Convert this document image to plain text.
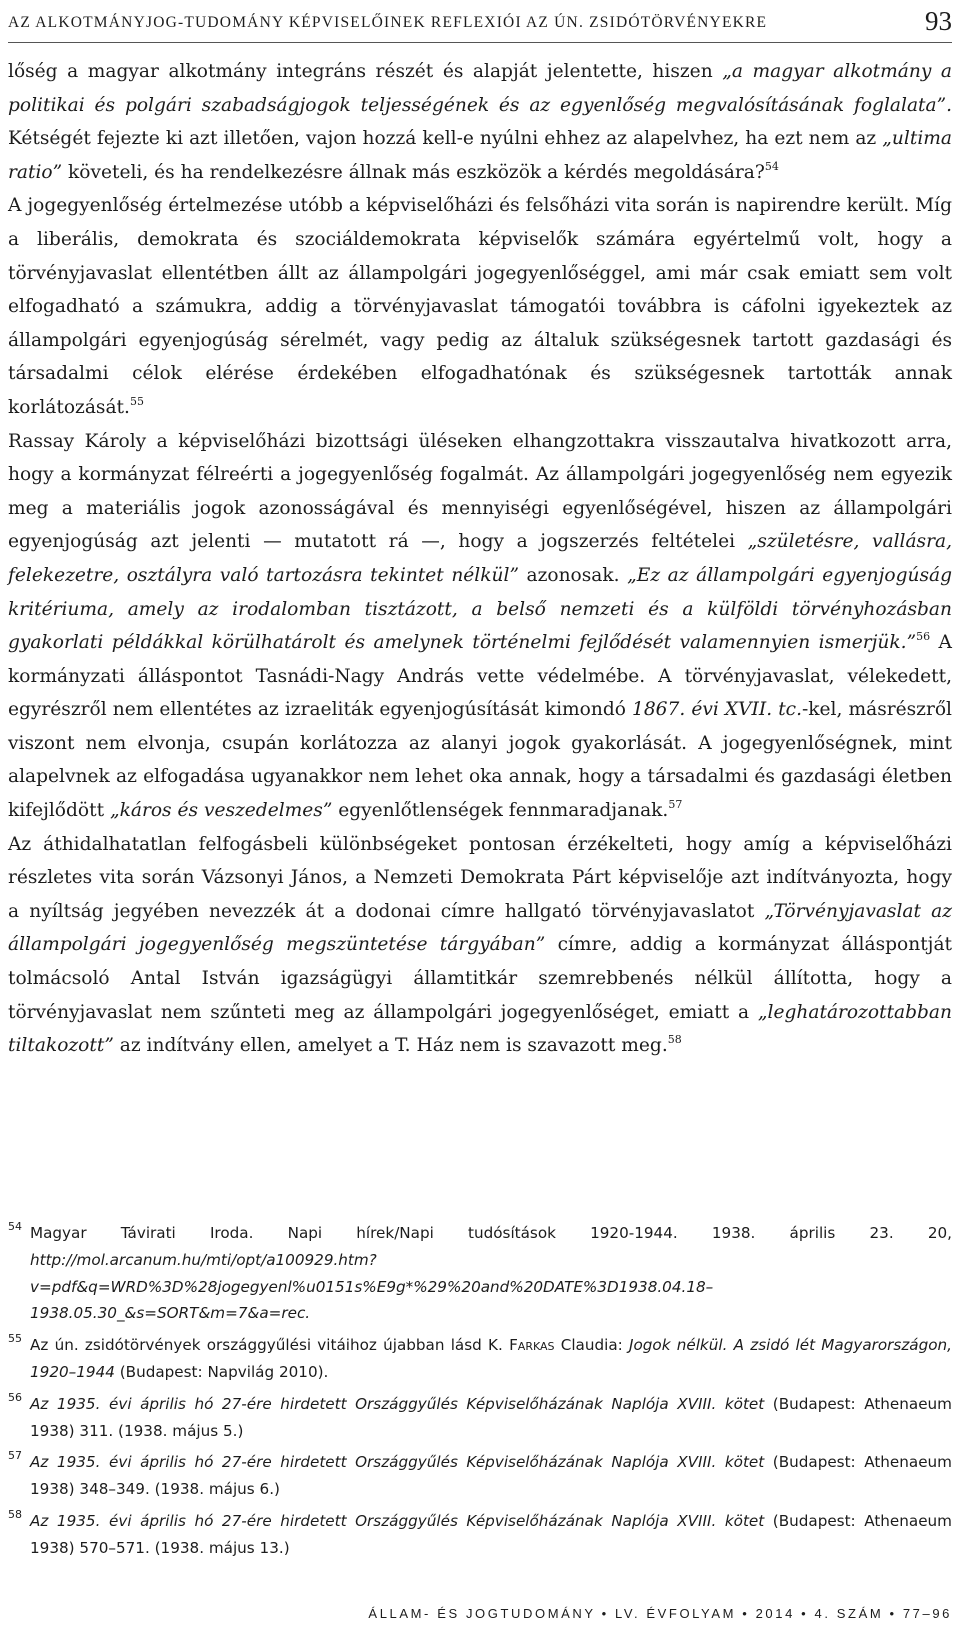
AZ ALKOTMÁNYJOG-TUDOMÁNY KÉPVISELŐINEK REFLEXIÓI AZ ÚN. ZSIDÓTÖRVÉNYEKRE	93

lőség a magyar alkotmány integráns részét és alapját jelentette, hiszen „a magyar alkotmány a politikai és polgári szabadságjogok teljességének és az egyenlőség megvalósításának foglalata”. Kétségét fejezte ki azt illetően, vajon hozzá kell-e nyúlni ehhez az alapelvhez, ha ezt nem az „ultima ratio” követeli, és ha rendelkezésre állnak más eszközök a kérdés megoldására?$^{54}$

A jogegyenlőség értelmezése utóbb a képviselőházi és felsőházi vita során is napirendre került. Míg a liberális, demokrata és szociáldemokrata képviselők számára egyértelmű volt, hogy a törvényjavaslat ellentétben állt az állampolgári jogegyenlőséggel, ami már csak emiatt sem volt elfogadható a számukra, addig a törvényjavaslat támogatói továbbra is cáfolni igyekeztek az állampolgári egyenjogúság sérelmét, vagy pedig az általuk szükségesnek tartott gazdasági és társadalmi célok elérése érdekében elfogadhatónak és szükségesnek tartották annak korlátozását.$^{55}$

Rassay Károly a képviselőházi bizottsági üléseken elhangzottakra visszautalva hivatkozott arra, hogy a kormányzat félreérti a jogegyenlőség fogalmát. Az állampolgári jogegyenlőség nem egyezik meg a materiális jogok azonosságával és mennyiségi egyenlőségével, hiszen az állampolgári egyenjogúság azt jelenti — mutatott rá —, hogy a jogszerzés feltételei „születésre, vallásra, felekezetre, osztályra való tartozásra tekintet nélkül” azonosak. „Ez az állampolgári egyenjogúság kritériuma, amely az irodalomban tisztázott, a belső nemzeti és a külföldi törvényhozásban gyakorlati példákkal körülhatárolt és amelynek történelmi fejlődését valamennyien ismerjük.”$^{56}$ A kormányzati álláspontot Tasnádi-Nagy András vette védelmébe. A törvényjavaslat, vélekedett, egyrészről nem ellentétes az izraeliták egyenjogúsítását kimondó 1867. évi XVII. tc.-kel, másrészről viszont nem elvonja, csupán korlátozza az alanyi jogok gyakorlását. A jogegyenlőségnek, mint alapelvnek az elfogadása ugyanakkor nem lehet oka annak, hogy a társadalmi és gazdasági életben kifejlődött „káros és veszedelmes” egyenlőtlenségek fennmaradjanak.$^{57}$

Az áthidalhatatlan felfogásbeli különbségeket pontosan érzékelteti, hogy amíg a képviselőházi részletes vita során Vázsonyi János, a Nemzeti Demokrata Párt képviselője azt indítványozta, hogy a nyíltság jegyében nevezzék át a dodonai címre hallgató törvényjavaslatot „Törvényjavaslat az állampolgári jogegyenlőség megszüntetése tárgyában” címre, addig a kormányzat álláspontját tolmácsoló Antal István igazságügyi államtitkár szemrebbenés nélkül állította, hogy a törvényjavaslat nem szűnteti meg az állampolgári jogegyenlőséget, emiatt a „leghatározottabban tiltakozott” az indítvány ellen, amelyet a T. Ház nem is szavazott meg.$^{58}$

54 Magyar Távirati Iroda. Napi hírek/Napi tudósítások 1920-1944. 1938. április 23. 20, http://mol.arcanum.hu/mti/opt/a100929.htm?v=pdf&q=WRD%3D%28jogegyenl%u0151s%E9g*%29%20and%20DATE%3D1938.04.18–1938.05.30_&s=SORT&m=7&a=rec.
55 Az ún. zsidótörvények országgyűlési vitáihoz újabban lásd K. Farkas Claudia: Jogok nélkül. A zsidó lét Magyarországon, 1920–1944 (Budapest: Napvilág 2010).
56 Az 1935. évi április hó 27-ére hirdetett Országgyűlés Képviselőházának Naplója XVIII. kötet (Budapest: Athenaeum 1938) 311. (1938. május 5.)
57 Az 1935. évi április hó 27-ére hirdetett Országgyűlés Képviselőházának Naplója XVIII. kötet (Budapest: Athenaeum 1938) 348–349. (1938. május 6.)
58 Az 1935. évi április hó 27-ére hirdetett Országgyűlés Képviselőházának Naplója XVIII. kötet (Budapest: Athenaeum 1938) 570–571. (1938. május 13.)
ÁLLAM- ÉS JOGTUDOMÁNY • LV. ÉVFOLYAM • 2014 • 4. SZÁM • 77–96
